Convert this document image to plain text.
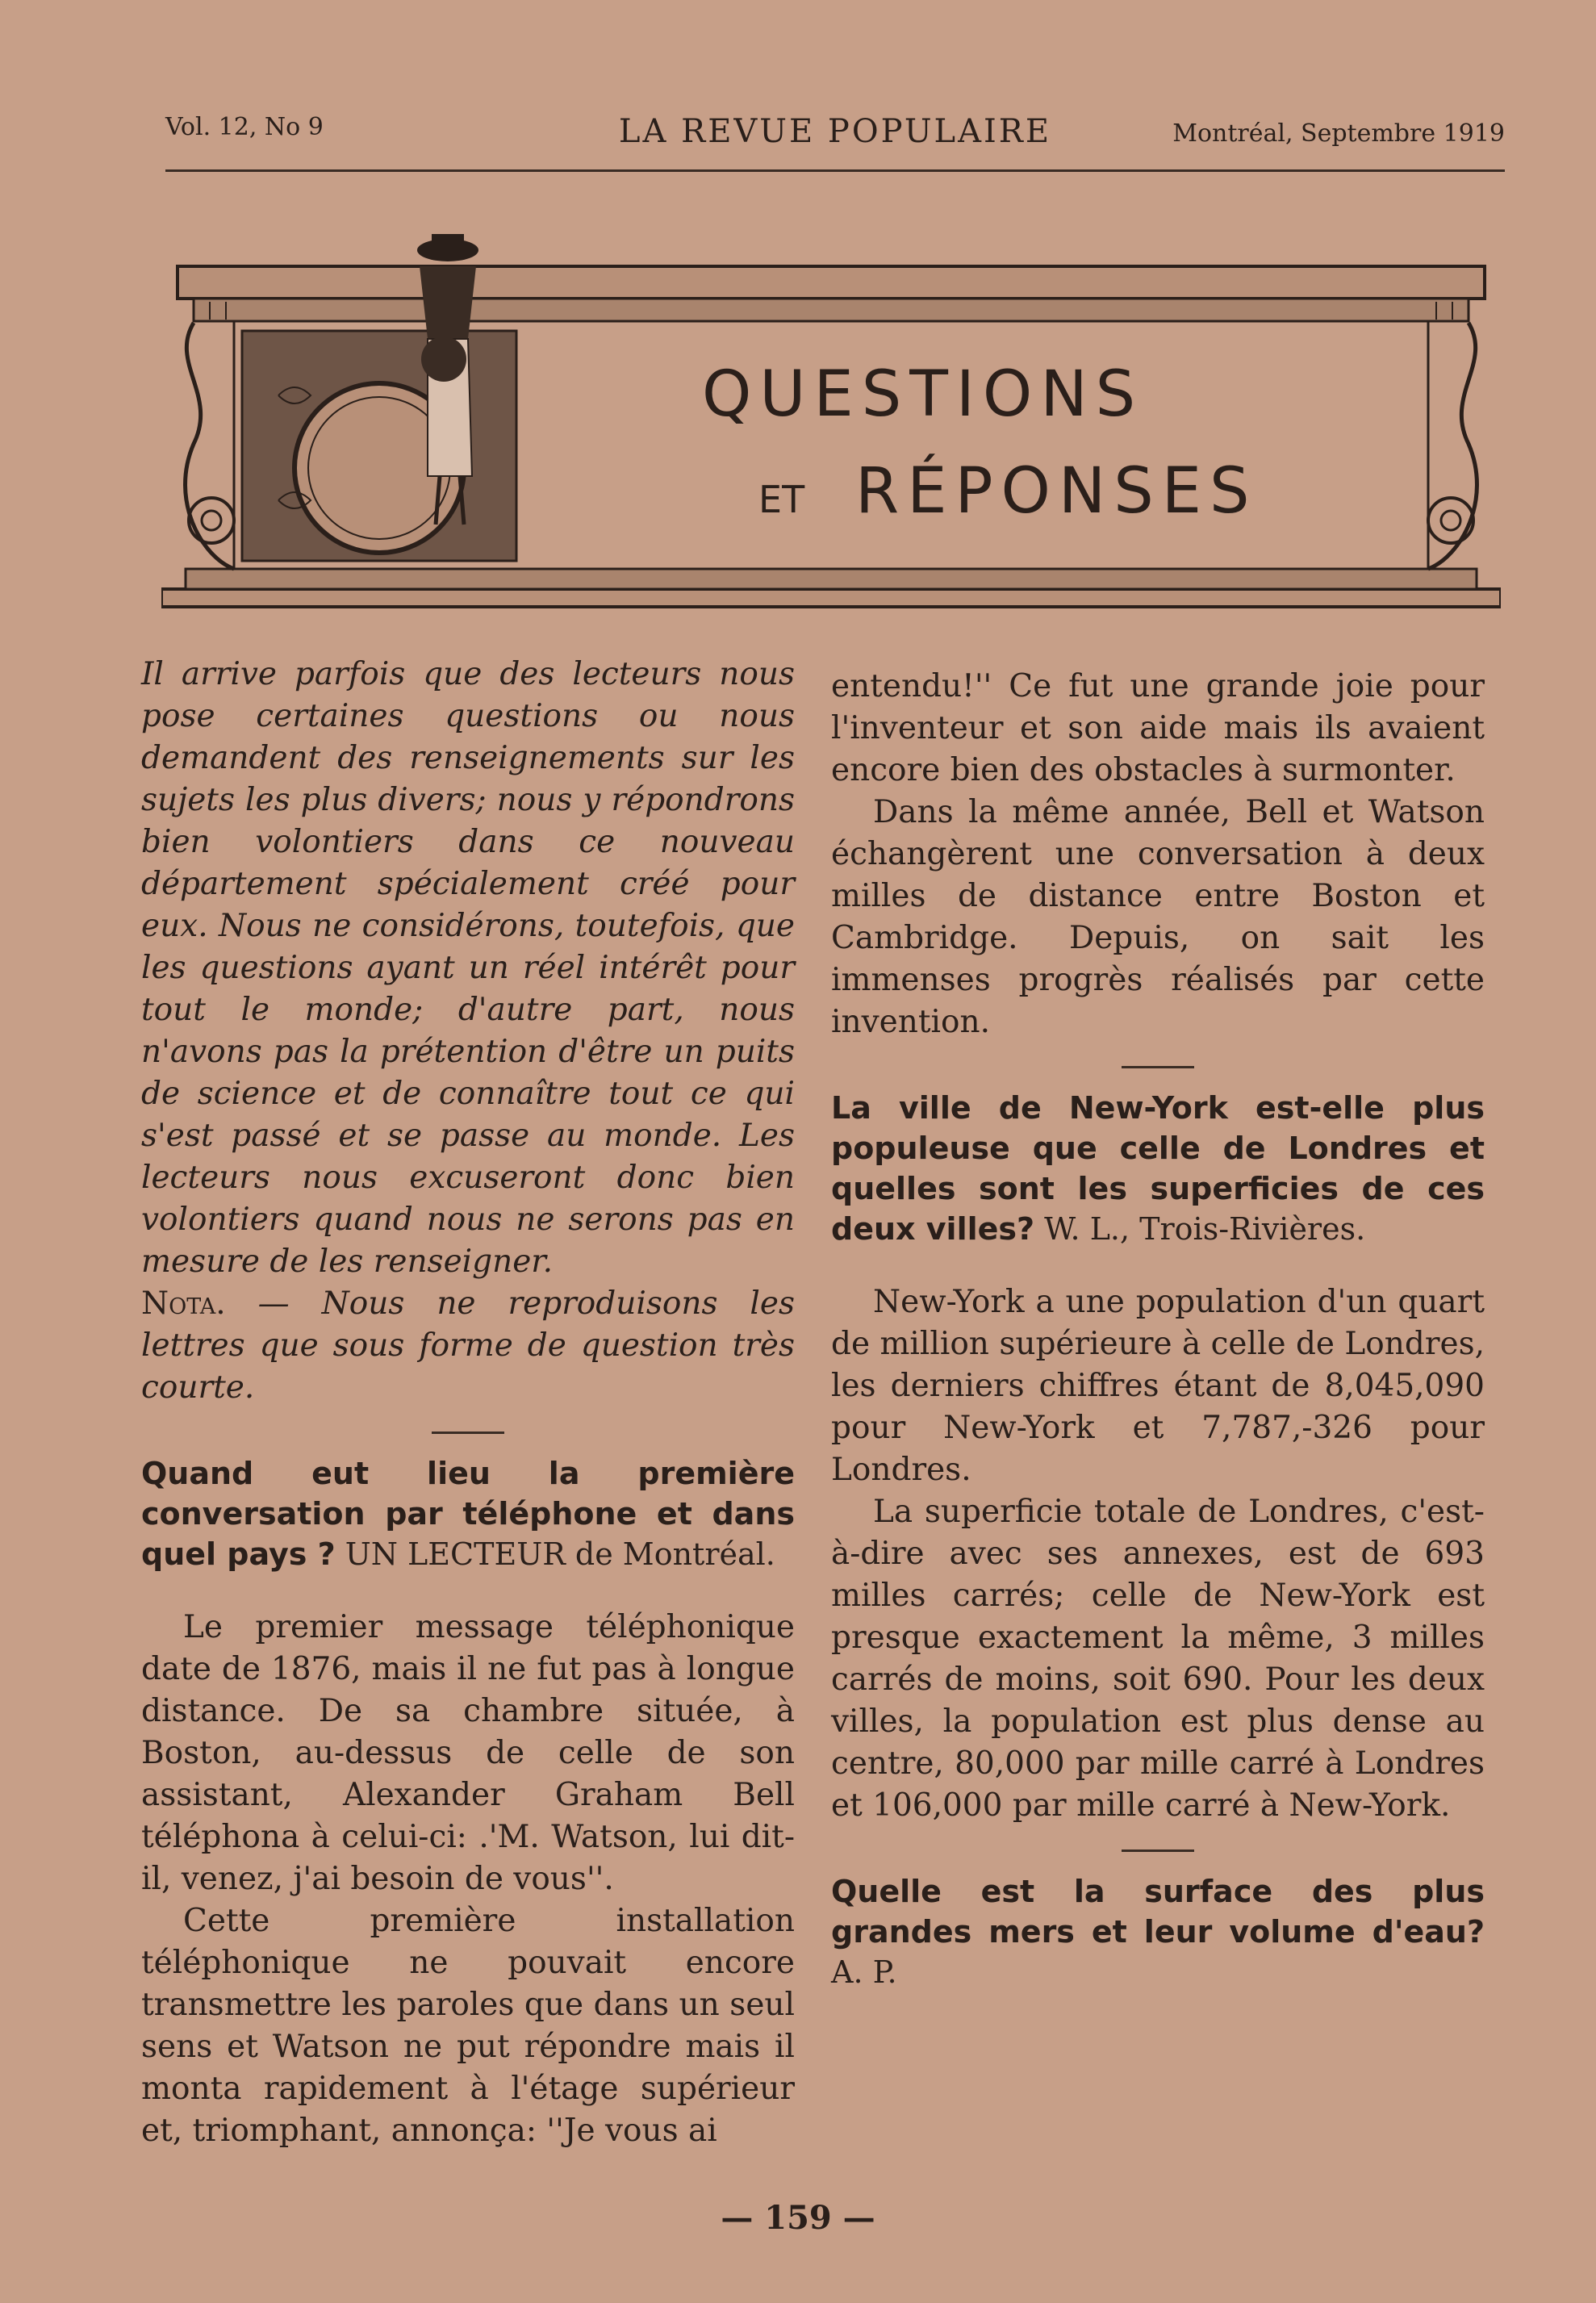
Vol. 12, No 9	LA REVUE POPULAIRE	Montréal, Septembre 1919
QUESTIONS
ET RÉPONSES

Il arrive parfois que des lecteurs nous pose certaines questions ou nous demandent des renseignements sur les sujets les plus divers; nous y répondrons bien volontiers dans ce nouveau département spécialement créé pour eux. Nous ne considérons, toutefois, que les questions ayant un réel intérêt pour tout le monde; d'autre part, nous n'avons pas la prétention d'être un puits de science et de connaître tout ce qui s'est passé et se passe au monde. Les lecteurs nous excuseront donc bien volontiers quand nous ne serons pas en mesure de les renseigner.

Nota. — Nous ne reproduisons les lettres que sous forme de question très courte.

Quand eut lieu la première conversation par téléphone et dans quel pays ? UN LECTEUR de Montréal.

Le premier message téléphonique date de 1876, mais il ne fut pas à longue distance. De sa chambre située, à Boston, au-dessus de celle de son assistant, Alexander Graham Bell téléphona à celui-ci: .'M. Watson, lui dit-il, venez, j'ai besoin de vous''.

Cette première installation téléphonique ne pouvait encore transmettre les paroles que dans un seul sens et Watson ne put répondre mais il monta rapidement à l'étage supérieur et, triomphant, annonça: ''Je vous ai

entendu!'' Ce fut une grande joie pour l'inventeur et son aide mais ils avaient encore bien des obstacles à surmonter.

Dans la même année, Bell et Watson échangèrent une conversation à deux milles de distance entre Boston et Cambridge. Depuis, on sait les immenses progrès réalisés par cette invention.

La ville de New-York est-elle plus populeuse que celle de Londres et quelles sont les superficies de ces deux villes? W. L., Trois-Rivières.

New-York a une population d'un quart de million supérieure à celle de Londres, les derniers chiffres étant de 8,045,090 pour New-York et 7,787,-326 pour Londres.

La superficie totale de Londres, c'est-à-dire avec ses annexes, est de 693 milles carrés; celle de New-York est presque exactement la même, 3 milles carrés de moins, soit 690. Pour les deux villes, la population est plus dense au centre, 80,000 par mille carré à Londres et 106,000 par mille carré à New-York.

Quelle est la surface des plus grandes mers et leur volume d'eau? A. P.

— 159 —
